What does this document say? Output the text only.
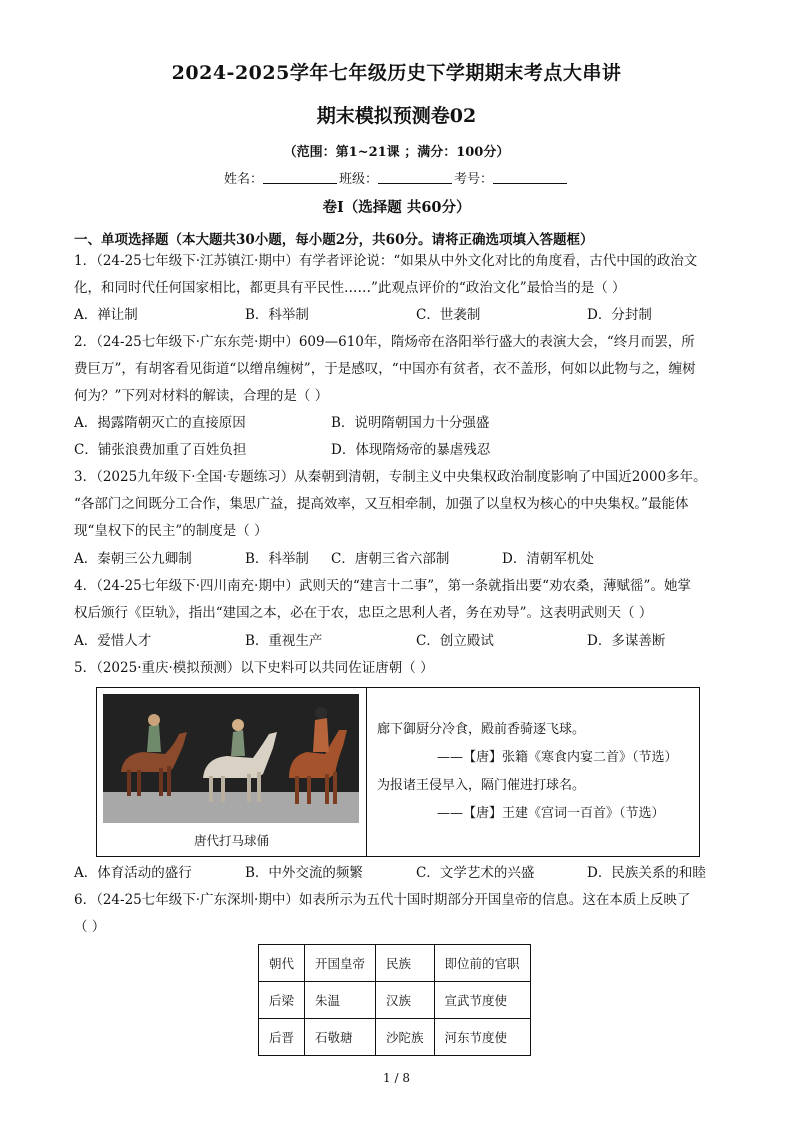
2024-2025学年七年级历史下学期期末考点大串讲
期末模拟预测卷02
（范围：第1~21课 ；满分：100分）
姓名：	班级：	考号：
卷I（选择题 共60分）
一、单项选择题（本大题共30小题，每小题2分，共60分。请将正确选项填入答题框）
1．（24-25七年级下·江苏镇江·期中）有学者评论说：“如果从中外文化对比的角度看，古代中国的政治文
化，和同时代任何国家相比，都更具有平民性……”此观点评价的“政治文化”最恰当的是（ ）
A．禅让制	B．科举制	C．世袭制	D．分封制
2．（24-25七年级下·广东东莞·期中）609—610年，隋炀帝在洛阳举行盛大的表演大会，“终月而罢，所
费巨万”，有胡客看见街道“以缯帛缠树”，于是感叹，“中国亦有贫者，衣不盖形，何如以此物与之，缠树
何为？”下列对材料的解读，合理的是（ ）
A．揭露隋朝灭亡的直接原因	B．说明隋朝国力十分强盛
C．铺张浪费加重了百姓负担	D．体现隋炀帝的暴虐残忍
3．（2025九年级下·全国·专题练习）从秦朝到清朝，专制主义中央集权政治制度影响了中国近2000多年。
“各部门之间既分工合作，集思广益，提高效率，又互相牵制，加强了以皇权为核心的中央集权。”最能体
现“皇权下的民主”的制度是（ ）
A．秦朝三公九卿制	B．科举制 C．唐朝三省六部制	D．清朝军机处
4．（24-25七年级下·四川南充·期中）武则天的“建言十二事”，第一条就指出要“劝农桑，薄赋徭”。她掌
权后颁行《臣轨》，指出“建国之本，必在于农，忠臣之思利人者，务在劝导”。这表明武则天（ ）
A．爱惜人才	B．重视生产	C．创立殿试	D．多谋善断
5．（2025·重庆·模拟预测）以下史料可以共同佐证唐朝（ ）
唐代打马球俑
廊下御厨分冷食，殿前香骑逐飞球。
——【唐】张籍《寒食内宴二首》（节选）
为报诸王侵早入，隔门催进打球名。
——【唐】王建《宫词一百首》（节选）
A．体育活动的盛行	B．中外交流的频繁	C．文学艺术的兴盛	D．民族关系的和睦
6．（24-25七年级下·广东深圳·期中）如表所示为五代十国时期部分开国皇帝的信息。这在本质上反映了
（ ）
朝代	开国皇帝	民族	即位前的官职
后梁	朱温	汉族	宣武节度使
后晋	石敬瑭	沙陀族	河东节度使
1 / 8
